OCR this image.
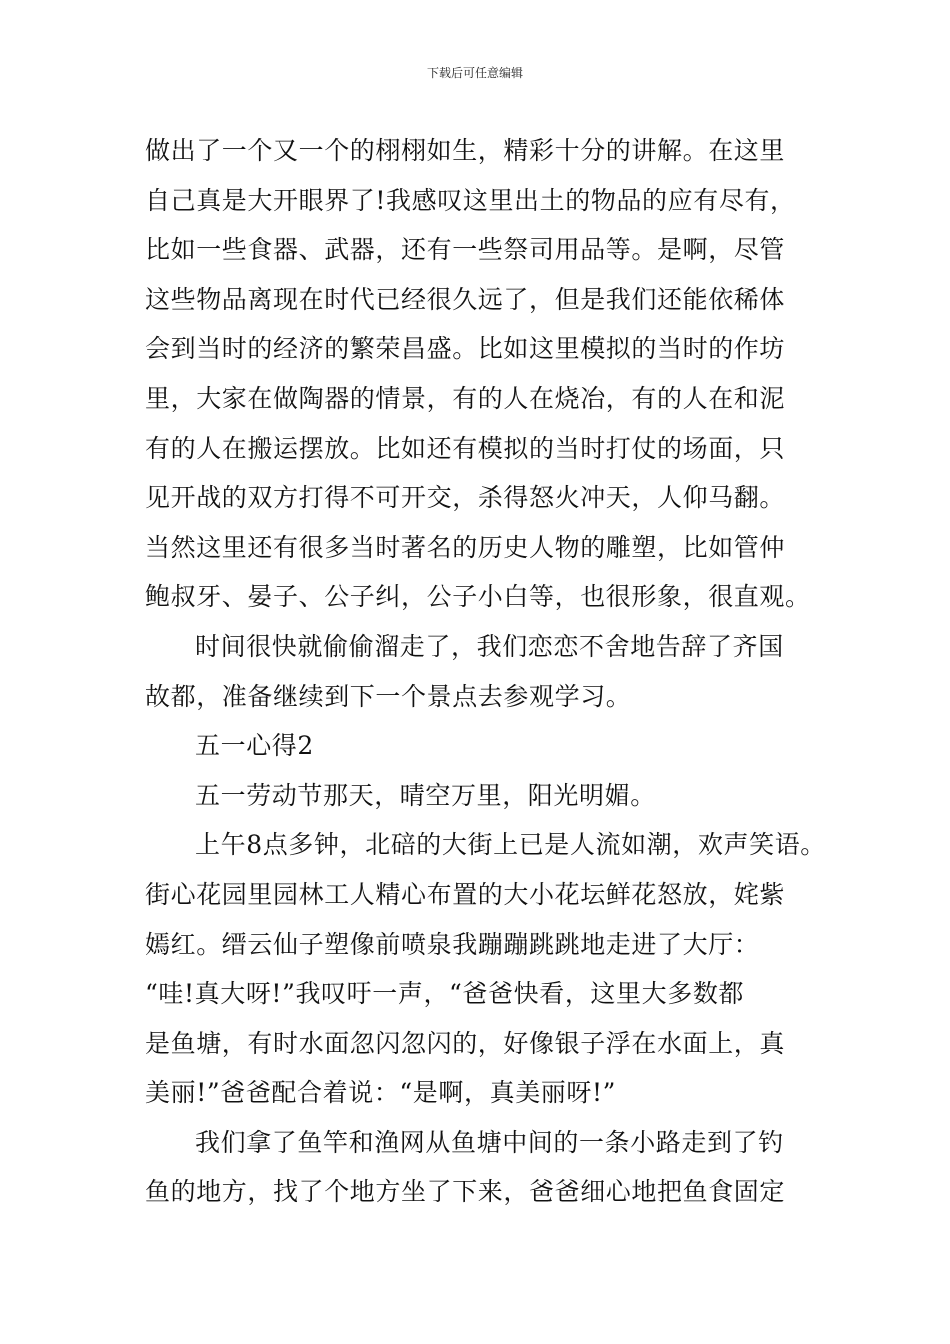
下载后可任意编辑
做出了一个又一个的栩栩如生，精彩十分的讲解。在这里
自己真是大开眼界了!我感叹这里出土的物品的应有尽有，
比如一些食器、武器，还有一些祭司用品等。是啊，尽管
这些物品离现在时代已经很久远了，但是我们还能依稀体
会到当时的经济的繁荣昌盛。比如这里模拟的当时的作坊
里，大家在做陶器的情景，有的人在烧冶，有的人在和泥
有的人在搬运摆放。比如还有模拟的当时打仗的场面，只
见开战的双方打得不可开交，杀得怒火冲天，人仰马翻。
当然这里还有很多当时著名的历史人物的雕塑，比如管仲
鲍叔牙、晏子、公子纠，公子小白等，也很形象，很直观。
时间很快就偷偷溜走了，我们恋恋不舍地告辞了齐国
故都，准备继续到下一个景点去参观学习。
五一心得2
五一劳动节那天，晴空万里，阳光明媚。
上午8点多钟，北碚的大街上已是人流如潮，欢声笑语。
街心花园里园林工人精心布置的大小花坛鲜花怒放，姹紫
嫣红。缙云仙子塑像前喷泉我蹦蹦跳跳地走进了大厅：
“哇!真大呀!”我叹吁一声，“爸爸快看，这里大多数都
是鱼塘，有时水面忽闪忽闪的，好像银子浮在水面上，真
美丽!”爸爸配合着说：“是啊，真美丽呀!”
我们拿了鱼竿和渔网从鱼塘中间的一条小路走到了钓
鱼的地方，找了个地方坐了下来，爸爸细心地把鱼食固定
